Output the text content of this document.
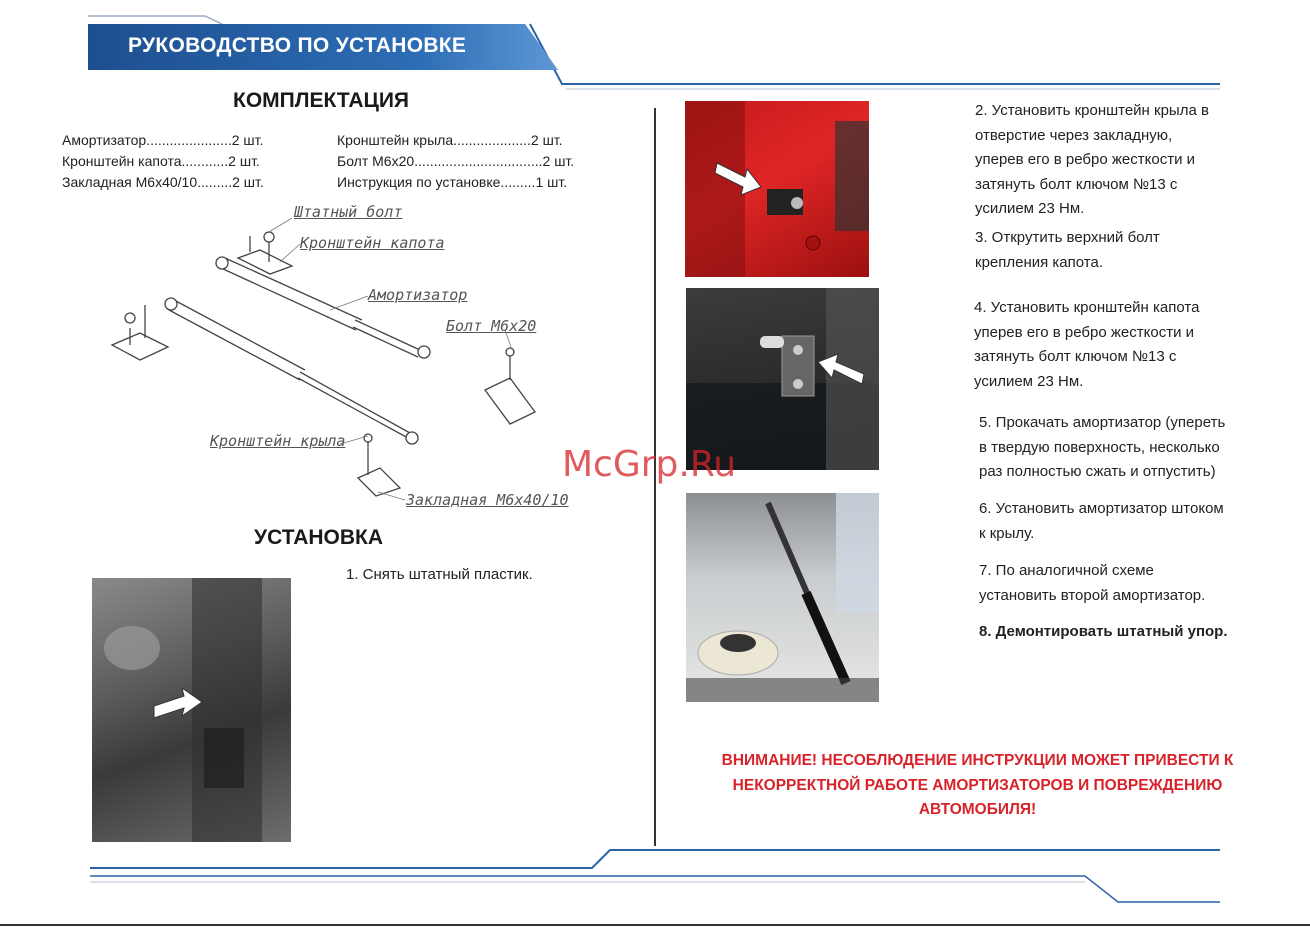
РУКОВОДСТВО ПО УСТАНОВКЕ
КОМПЛЕКТАЦИЯ
Амортизатор......................2 шт.
Кронштейн капота............2 шт.
Закладная М6х40/10.........2 шт.
Кронштейн крыла....................2 шт.
Болт М6х20.................................2 шт.
Инструкция по установке.........1 шт.
Штатный болт
Кронштейн капота
Амортизатор
Болт М6х20
Кронштейн крыла
Закладная М6х40/10
УСТАНОВКА
1. Снять штатный пластик.
2. Установить кронштейн крыла в
отверстие через закладную,
уперев его в ребро жесткости и
затянуть болт ключом №13 с
усилием 23 Нм.
3. Открутить верхний болт
крепления капота.
4. Установить кронштейн капота
уперев его в ребро жесткости и
затянуть болт ключом №13 с
усилием 23 Нм.
5. Прокачать амортизатор (упереть
в твердую поверхность, несколько
раз полностью сжать и отпустить)
6. Установить амортизатор штоком
к крылу.
7. По аналогичной схеме
установить второй амортизатор.
8. Демонтировать штатный упор.
ВНИМАНИЕ! НЕСОБЛЮДЕНИЕ ИНСТРУКЦИИ МОЖЕТ ПРИВЕСТИ К
НЕКОРРЕКТНОЙ РАБОТЕ АМОРТИЗАТОРОВ И ПОВРЕЖДЕНИЮ
АВТОМОБИЛЯ!
McGrp.Ru
